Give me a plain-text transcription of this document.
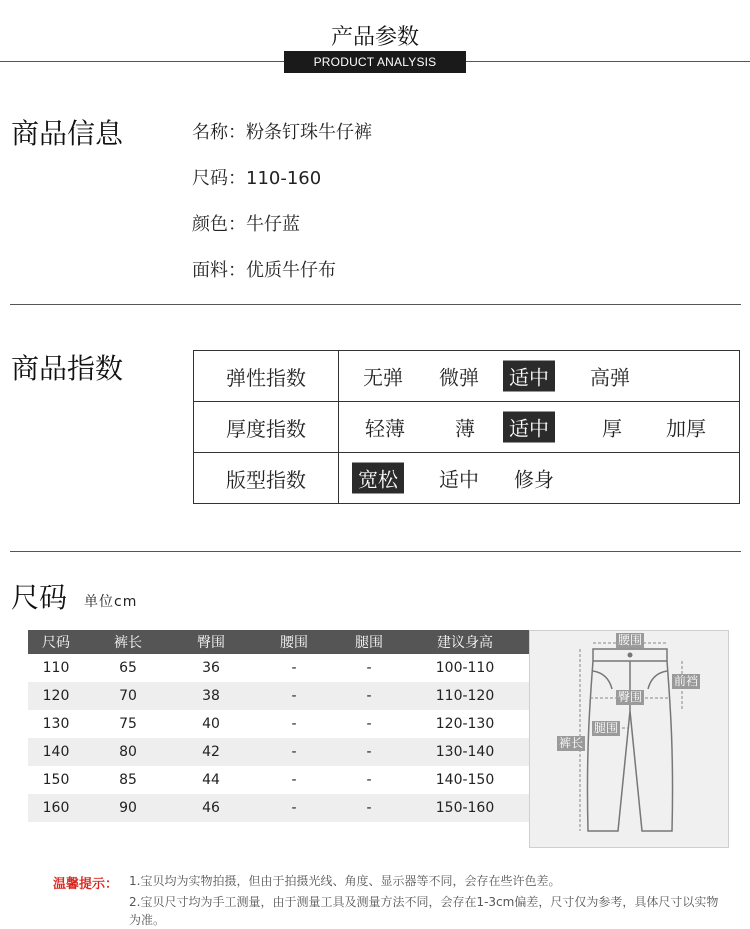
产品参数
PRODUCT ANALYSIS
商品信息	名称：粉条钉珠牛仔裤
尺码：110-160
颜色：牛仔蓝
面料：优质牛仔布
商品指数	弹性指数	无弹 微弹 适中 高弹

厚度指数	轻薄 薄 适中 厚 加厚

版型指数	宽松 适中 修身
尺码 单位cm
尺码	裤长	臀围	腰围	腿围	建议身高
110	65	36	-	-	100-110
120	70	38	-	-	110-120
130	75	40	-	-	120-130
140	80	42	-	-	130-140
150	85	44	-	-	140-150
160	90	46	-	-	150-160
腰围
前裆
臀围
腿围
裤长
温馨提示： 1.宝贝均为实物拍摄，但由于拍摄光线、角度、显示器等不同，会存在些许色差。
2.宝贝尺寸均为手工测量，由于测量工具及测量方法不同，会存在1-3cm偏差，尺寸仅为参考，具体尺寸以实物为准。
